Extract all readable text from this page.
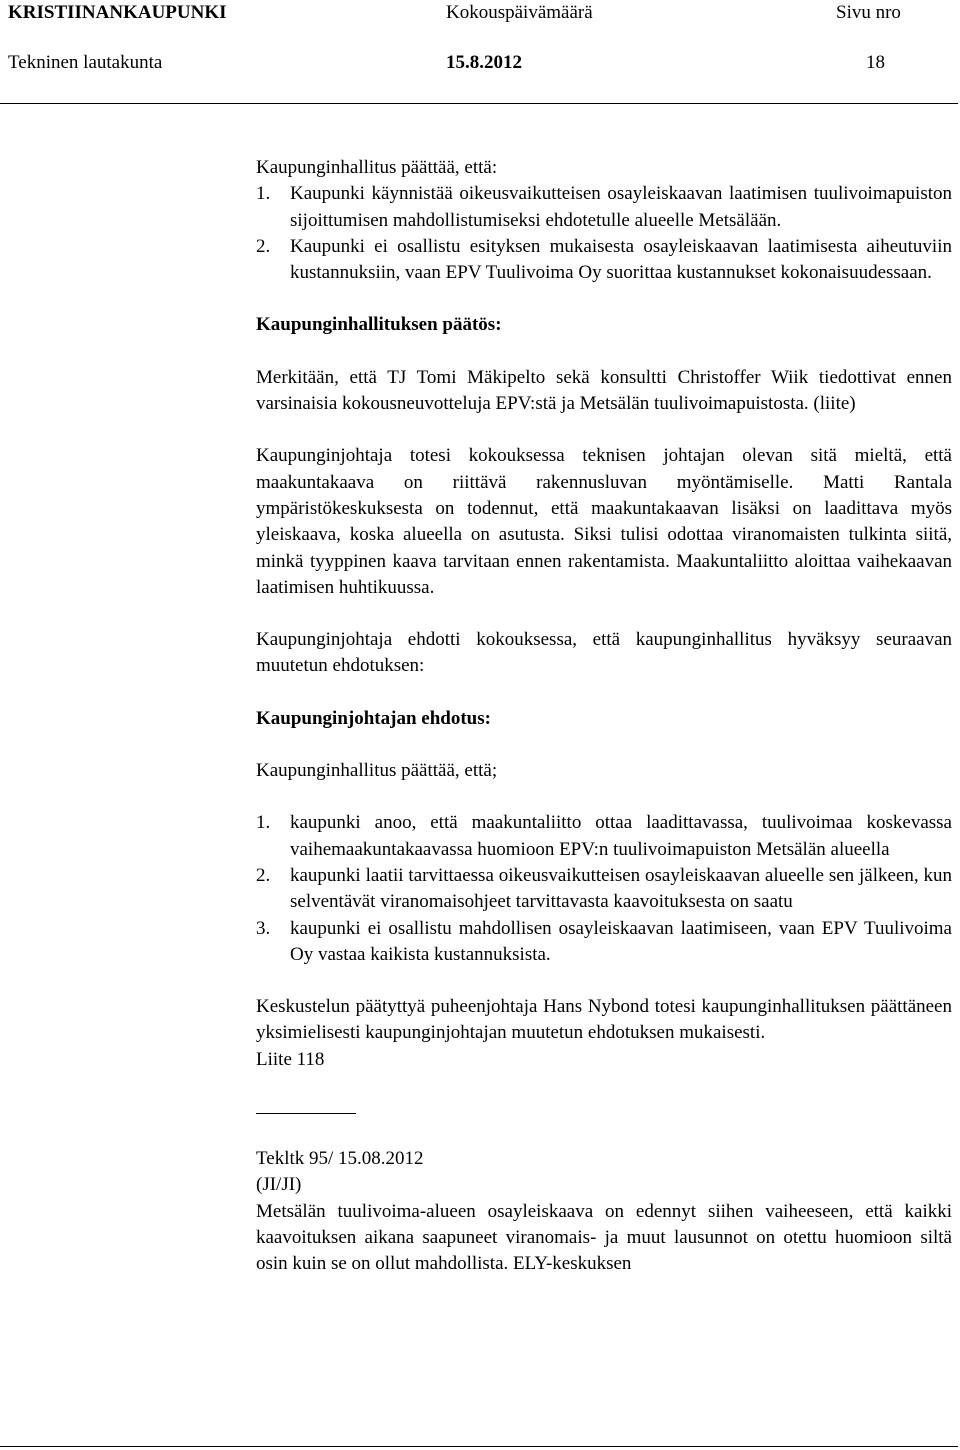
KRISTIINANKAUPUNKI	Kokouspäivämäärä	Sivu nro
Tekninen lautakunta	15.8.2012	18

Kaupunginhallitus päättää, että:

1.	Kaupunki käynnistää oikeusvaikutteisen osayleiskaavan laatimisen tuulivoimapuiston sijoittumisen mahdollistumiseksi ehdotetulle alueelle Metsälään.
2.	Kaupunki ei osallistu esityksen mukaisesta osayleiskaavan laatimisesta aiheutuviin kustannuksiin, vaan EPV Tuulivoima Oy suorittaa kustannukset kokonaisuudessaan.

Kaupunginhallituksen päätös:

Merkitään, että TJ Tomi Mäkipelto sekä konsultti Christoffer Wiik tiedottivat ennen varsinaisia kokousneuvotteluja EPV:stä ja Metsälän tuulivoimapuistosta. (liite)

Kaupunginjohtaja totesi kokouksessa teknisen johtajan olevan sitä mieltä, että maakuntakaava on riittävä rakennusluvan myöntämiselle. Matti Rantala ympäristökeskuksesta on todennut, että maakuntakaavan lisäksi on laadittava myös yleiskaava, koska alueella on asutusta. Siksi tulisi odottaa viranomaisten tulkinta siitä, minkä tyyppinen kaava tarvitaan ennen rakentamista. Maakuntaliitto aloittaa vaihekaavan laatimisen huhtikuussa.

Kaupunginjohtaja ehdotti kokouksessa, että kaupunginhallitus hyväksyy seuraavan muutetun ehdotuksen:

Kaupunginjohtajan ehdotus:

Kaupunginhallitus päättää, että;

1.	kaupunki anoo, että maakuntaliitto ottaa laadittavassa, tuulivoimaa koskevassa vaihemaakuntakaavassa huomioon EPV:n tuulivoimapuiston Metsälän alueella
2.	kaupunki laatii tarvittaessa oikeusvaikutteisen osayleiskaavan alueelle sen jälkeen, kun selventävät viranomaisohjeet tarvittavasta kaavoituksesta on saatu
3.	kaupunki ei osallistu mahdollisen osayleiskaavan laatimiseen, vaan EPV Tuulivoima Oy vastaa kaikista kustannuksista.

Keskustelun päätyttyä puheenjohtaja Hans Nybond totesi kaupunginhallituksen päättäneen yksimielisesti kaupunginjohtajan muutetun ehdotuksen mukaisesti.

Liite 118

Tekltk 95/ 15.08.2012

(JI/JI)

Metsälän tuulivoima-alueen osayleiskaava on edennyt siihen vaiheeseen, että kaikki kaavoituksen aikana saapuneet viranomais- ja muut lausunnot on otettu huomioon siltä osin kuin se on ollut mahdollista. ELY-keskuksen
